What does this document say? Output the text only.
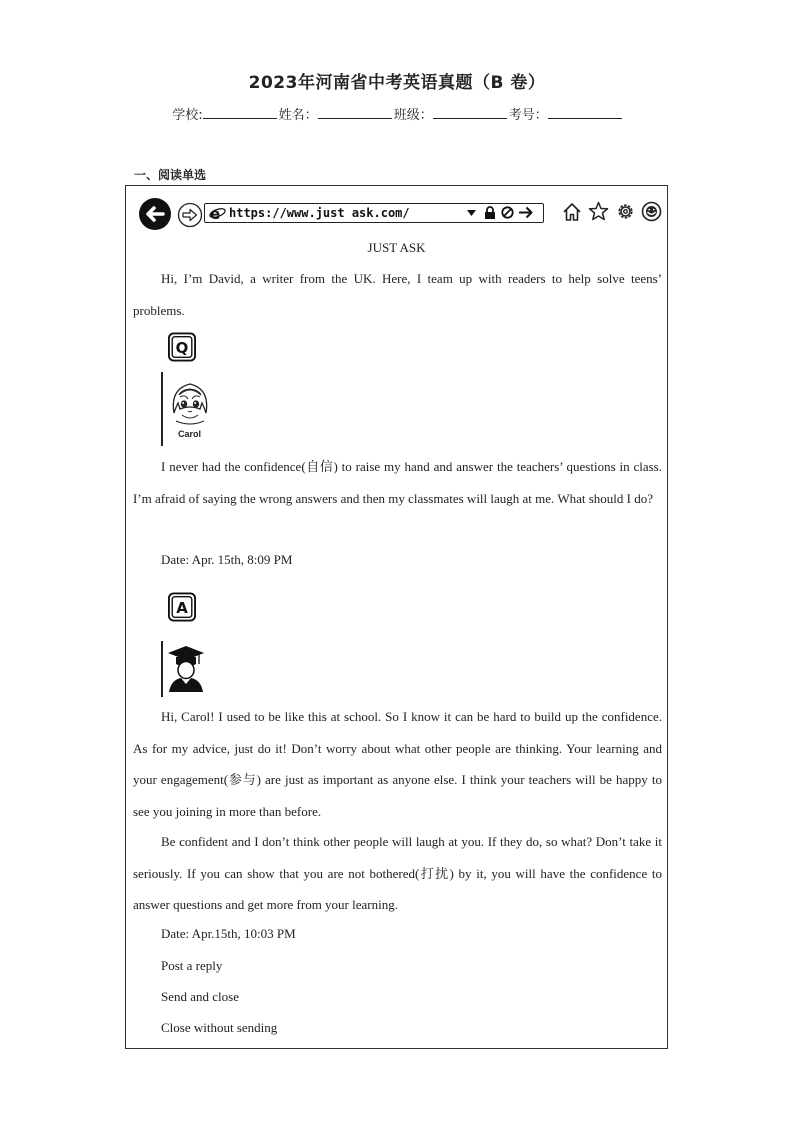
2023年河南省中考英语真题（B 卷）
学校:	姓名：	班级：	考号：
一、阅读单选
e https://www.just ask.com/
JUST ASK
Hi, I’m David, a writer from the UK. Here, I team up with readers to help solve teens’ problems.
Q
Carol
I never had the confidence(自信) to raise my hand and answer the teachers’ questions in class. I’m afraid of saying the wrong answers and then my classmates will laugh at me. What should I do?
Date: Apr. 15th, 8:09 PM
A
Hi, Carol! I used to be like this at school. So I know it can be hard to build up the confidence. As for my advice, just do it! Don’t worry about what other people are thinking. Your learning and your engagement(参与) are just as important as anyone else. I think your teachers will be happy to see you joining in more than before.
Be confident and I don’t think other people will laugh at you. If they do, so what? Don’t take it seriously. If you can show that you are not bothered(打扰) by it, you will have the confidence to answer questions and get more from your learning.
Date: Apr.15th, 10:03 PM
Post a reply
Send and close
Close without sending
